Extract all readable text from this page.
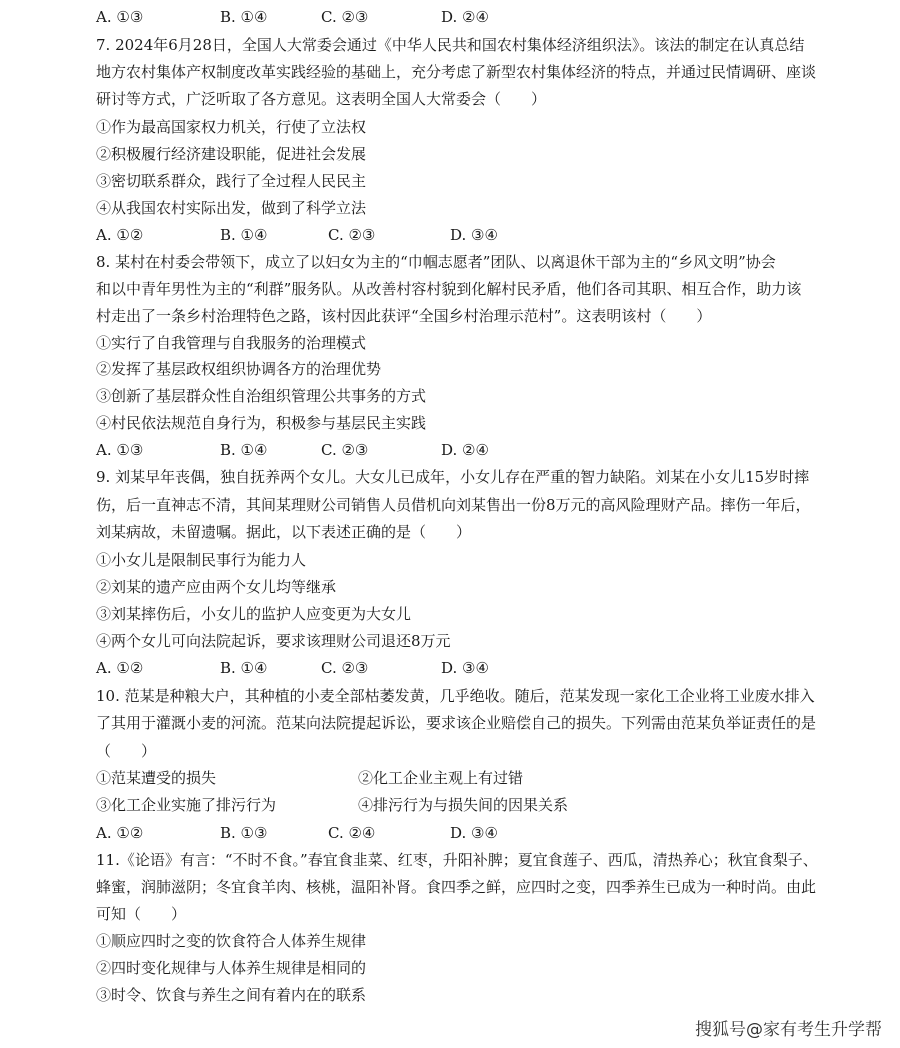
A. ①③	B. ①④	C. ②③	D. ②④
7. 2024年6月28日，全国人大常委会通过《中华人民共和国农村集体经济组织法》。该法的制定在认真总结
地方农村集体产权制度改革实践经验的基础上，充分考虑了新型农村集体经济的特点，并通过民情调研、座谈
研讨等方式，广泛听取了各方意见。这表明全国人大常委会（　　）
①作为最高国家权力机关，行使了立法权
②积极履行经济建设职能，促进社会发展
③密切联系群众，践行了全过程人民民主
④从我国农村实际出发，做到了科学立法
A. ①②	B. ①④	C. ②③	D. ③④
8. 某村在村委会带领下，成立了以妇女为主的“巾帼志愿者”团队、以离退休干部为主的“乡风文明”协会
和以中青年男性为主的“利群”服务队。从改善村容村貌到化解村民矛盾，他们各司其职、相互合作，助力该
村走出了一条乡村治理特色之路，该村因此获评“全国乡村治理示范村”。这表明该村（　　）
①实行了自我管理与自我服务的治理模式
②发挥了基层政权组织协调各方的治理优势
③创新了基层群众性自治组织管理公共事务的方式
④村民依法规范自身行为，积极参与基层民主实践
A. ①③	B. ①④	C. ②③	D. ②④
9. 刘某早年丧偶，独自抚养两个女儿。大女儿已成年，小女儿存在严重的智力缺陷。刘某在小女儿15岁时摔
伤，后一直神志不清，其间某理财公司销售人员借机向刘某售出一份8万元的高风险理财产品。摔伤一年后，
刘某病故，未留遗嘱。据此，以下表述正确的是（　　）
①小女儿是限制民事行为能力人
②刘某的遗产应由两个女儿均等继承
③刘某摔伤后，小女儿的监护人应变更为大女儿
④两个女儿可向法院起诉，要求该理财公司退还8万元
A. ①②	B. ①④	C. ②③	D. ③④
10. 范某是种粮大户，其种植的小麦全部枯萎发黄，几乎绝收。随后，范某发现一家化工企业将工业废水排入
了其用于灌溉小麦的河流。范某向法院提起诉讼，要求该企业赔偿自己的损失。下列需由范某负举证责任的是
（　　）
①范某遭受的损失	②化工企业主观上有过错
③化工企业实施了排污行为	④排污行为与损失间的因果关系
A. ①②	B. ①③	C. ②④	D. ③④
11.《论语》有言：“不时不食。”春宜食韭菜、红枣，升阳补脾；夏宜食莲子、西瓜，清热养心；秋宜食梨子、
蜂蜜，润肺滋阴；冬宜食羊肉、核桃，温阳补肾。食四季之鲜，应四时之变，四季养生已成为一种时尚。由此
可知（　　）
①顺应四时之变的饮食符合人体养生规律
②四时变化规律与人体养生规律是相同的
③时令、饮食与养生之间有着内在的联系
搜狐号@家有考生升学帮
